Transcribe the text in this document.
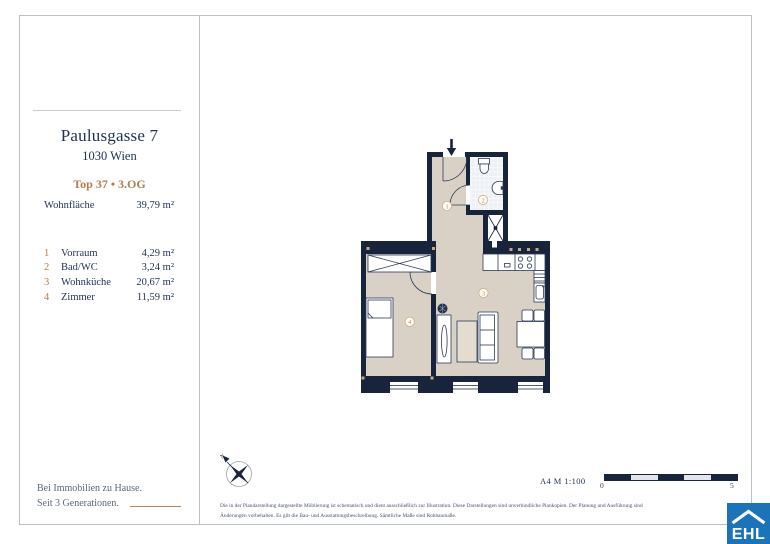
Paulusgasse 7
1030 Wien
Top 37 • 3.OG
Wohnfläche	39,79 m²
1	Vorraum	4,29 m²
2	Bad/WC	3,24 m²
3	Wohnküche	20,67 m²
4	Zimmer	11,59 m²
Bei Immobilien zu Hause.
Seit 3 Generationen.
1
2
3
4
N
Die in der Plandarstellung dargestellte Möblierung ist schematisch und dient ausschließlich zur Illustration. Diese Darstellungen sind unverbindliche Plankopien. Der Planung und Ausführung sind
Änderungen vorbehalten. Es gilt die Bau- und Ausstattungsbeschreibung. Sämtliche Maße sind Rohbaumaße.
A4 M 1:100 0	5
EHL
